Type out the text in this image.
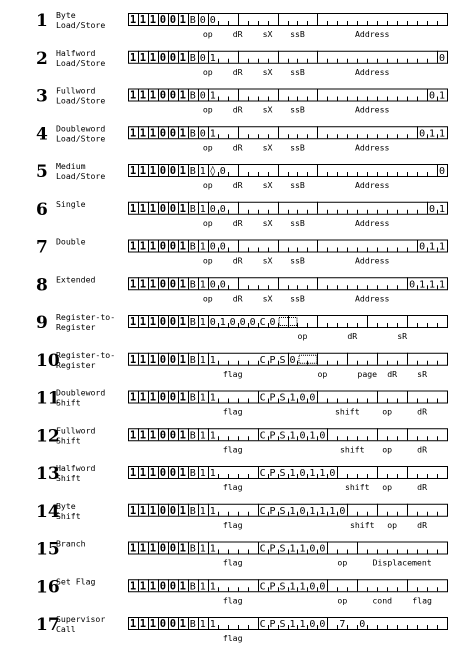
1 Byte
Load/Store 1 1 1 0 0 1 B 0 0
op dR sX ssB	Address
2 Halfword
Load/Store 1 1 1 0 0 1 B 0 1	0
op dR sX ssB	Address
3 Fullword
Load/Store 1 1 1 0 0 1 B 0 1	0 1
op dR sX ssB	Address
4 Doubleword
Load/Store 1 1 1 0 0 1 B 0 1	0 1 1
op dR sX ssB	Address
5 Medium
Load/Store 1 1 1 0 0 1 B 1 ◊ 0	0
op dR sX ssB	Address
6 Single	1 1 1 0 0 1 B 1 0 0	0 1
op dR sX ssB	Address
7 Double	1 1 1 0 0 1 B 1 0 0	0 1 1
op dR sX ssB	Address
8 Extended	1 1 1 0 0 1 B 1 0 0	0 1 1 1
op dR sX ssB	Address
9 Register-to-
Register	1 1 1 0 0 1 B 1 0 1 0 0 0 C 0
op	dR	sR
10
Register-to-
Register	1 1 1 0 0 1 B 1 1	C P S 0
flag	op	page dR sR
11
Doubleword
Shift	1 1 1 0 0 1 B 1 1	C P S 1 0 0
flag	shift	op	dR
12
Fullword
Shift	1 1 1 0 0 1 B 1 1	C P S 1 0 1 0
flag	shift op	dR
13
Halfword
Shift	1 1 1 0 0 1 B 1 1	C P S 1 0 1 1 0
flag	shift op	dR
14
Byte
Shift	1 1 1 0 0 1 B 1 1	C P S 1 0 1 1 1 0
flag	shift op dR
15
Branch	1 1 1 0 0 1 B 1 1	C P S 1 1 0 0
flag	op	Displacement
16
Set Flag	1 1 1 0 0 1 B 1 1	C P S 1 1 0 0
flag	op	cond flag
17
Supervisor
Call	1 1 1 0 0 1 B 1 1	C P S 1 1 0 0 7 0
flag
